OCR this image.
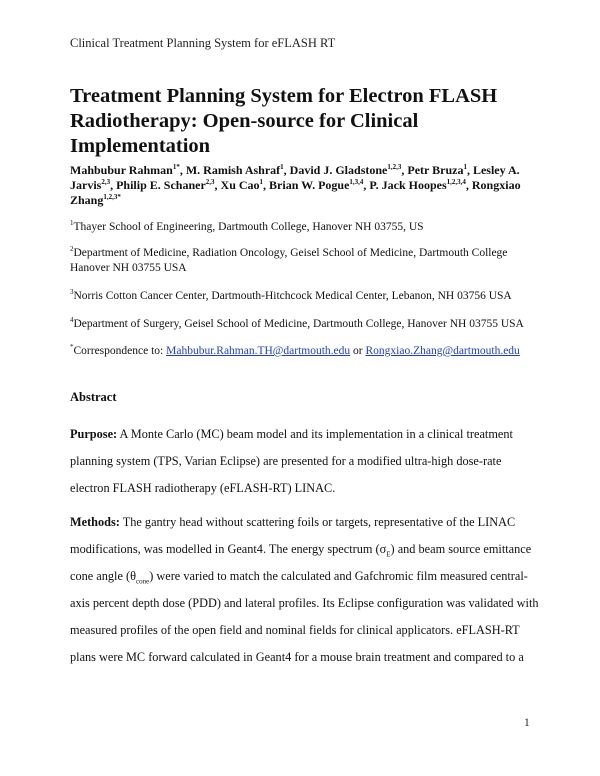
Clinical Treatment Planning System for eFLASH RT
Treatment Planning System for Electron FLASH Radiotherapy: Open-source for Clinical Implementation
Mahbubur Rahman$^{1*}$, M. Ramish Ashraf$^1$, David J. Gladstone$^{1,2,3}$, Petr Bruza$^1$, Lesley A. Jarvis$^{2,3}$, Philip E. Schaner$^{2,3}$, Xu Cao$^1$, Brian W. Pogue$^{1,3,4}$, P. Jack Hoopes$^{1,2,3,4}$, Rongxiao Zhang$^{1,2,3*}$
$^1$Thayer School of Engineering, Dartmouth College, Hanover NH 03755, US
$^2$Department of Medicine, Radiation Oncology, Geisel School of Medicine, Dartmouth College Hanover NH 03755 USA
$^3$Norris Cotton Cancer Center, Dartmouth-Hitchcock Medical Center, Lebanon, NH 03756 USA
$^4$Department of Surgery, Geisel School of Medicine, Dartmouth College, Hanover NH 03755 USA
*Correspondence to: Mahbubur.Rahman.TH@dartmouth.edu or Rongxiao.Zhang@dartmouth.edu
Abstract

Purpose: A Monte Carlo (MC) beam model and its implementation in a clinical treatment planning system (TPS, Varian Eclipse) are presented for a modified ultra-high dose-rate electron FLASH radiotherapy (eFLASH-RT) LINAC.

Methods: The gantry head without scattering foils or targets, representative of the LINAC modifications, was modelled in Geant4. The energy spectrum $(\sigma_E)$ and beam source emittance cone angle $(\theta_{cone})$ were varied to match the calculated and Gafchromic film measured central-axis percent depth dose (PDD) and lateral profiles. Its Eclipse configuration was validated with measured profiles of the open field and nominal fields for clinical applicators. eFLASH-RT plans were MC forward calculated in Geant4 for a mouse brain treatment and compared to a

1
